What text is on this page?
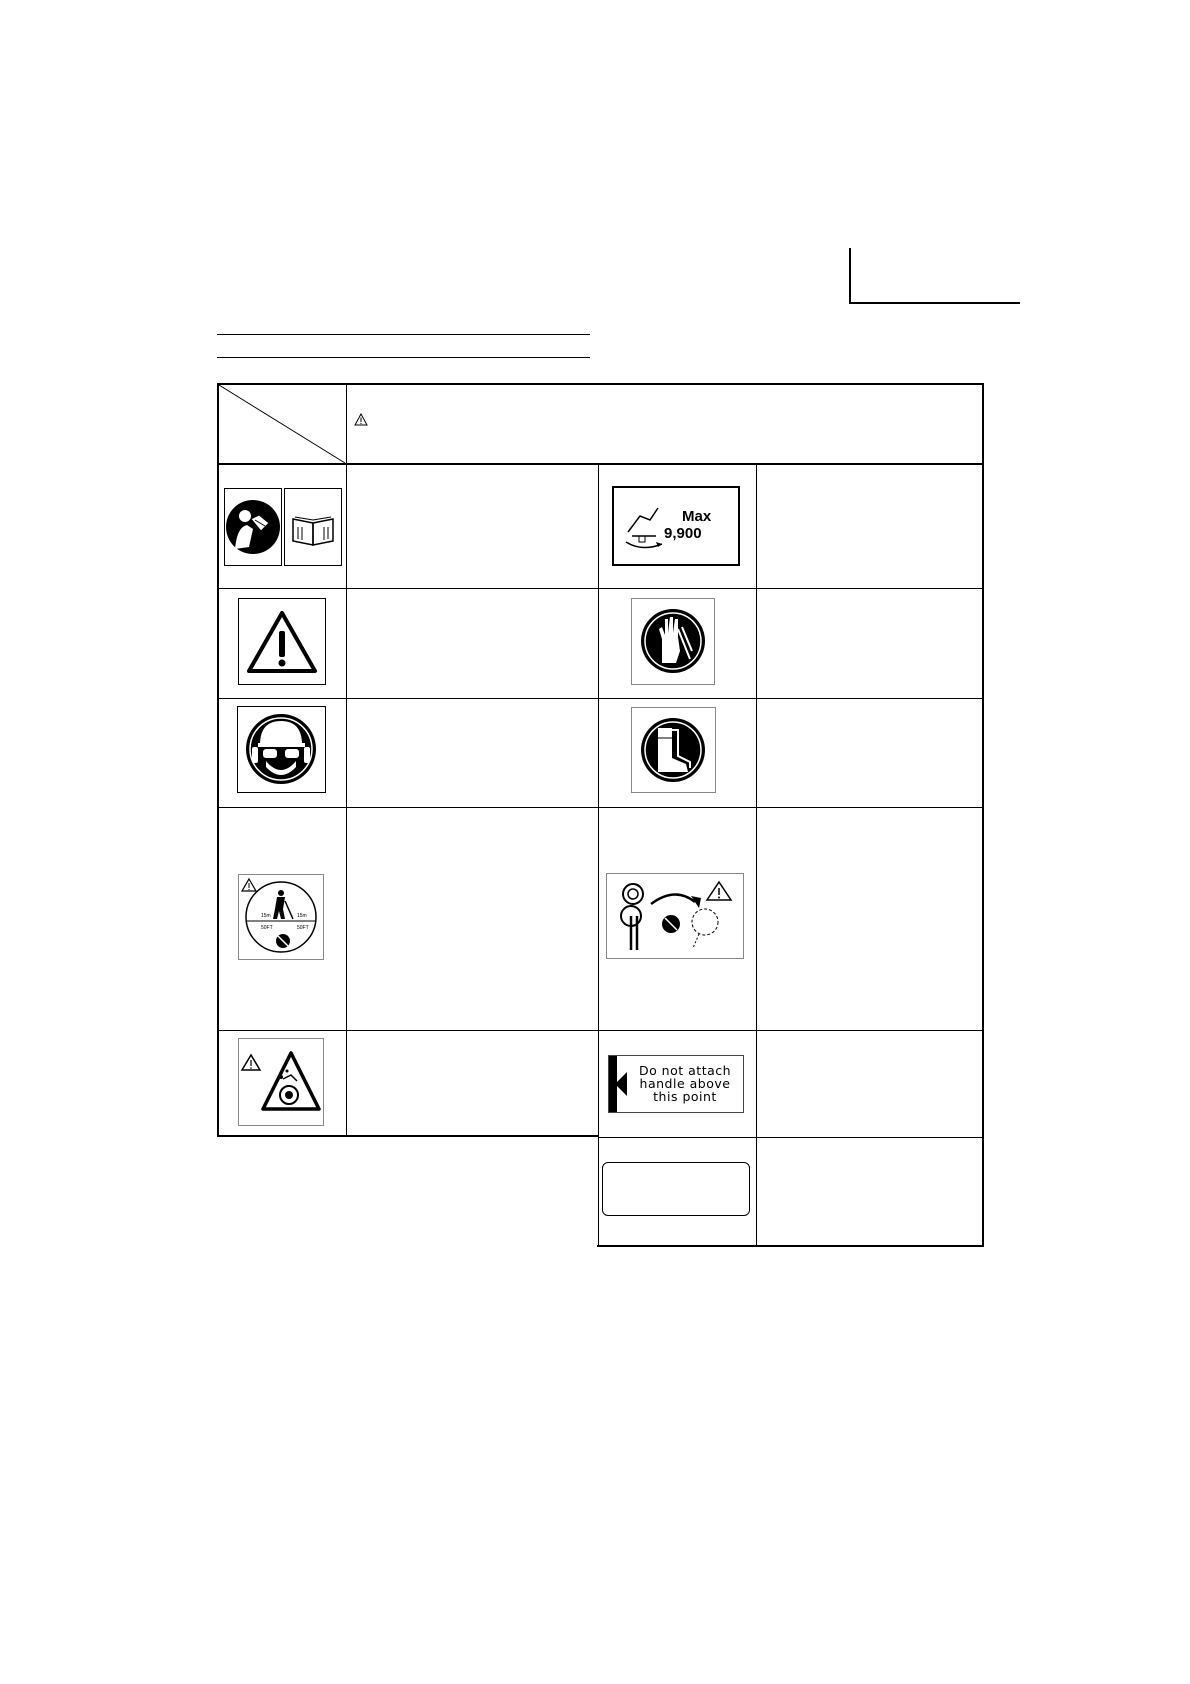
Max
9,900
15m
50FT
15m
50FT
Do not attach
handle above
this point
